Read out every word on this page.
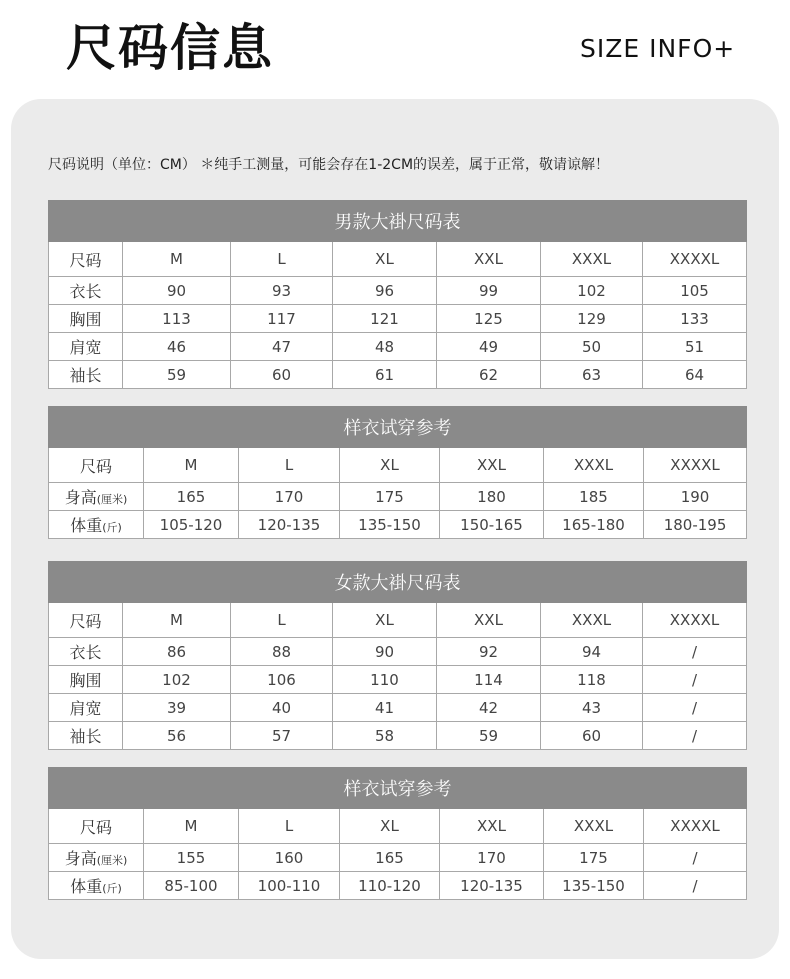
尺码信息	SIZE INFO+
尺码说明（单位：CM） ＊纯手工测量，可能会存在1-2CM的误差，属于正常，敬请谅解！
男款大褂尺码表						
尺码	M	L	XL	XXL	XXXL	XXXXL
衣长	90	93	96	99	102	105
胸围	113	117	121	125	129	133
肩宽	46	47	48	49	50	51
袖长	59	60	61	62	63	64
样衣试穿参考						
尺码	M	L	XL	XXL	XXXL	XXXXL
身高(厘米)	165	170	175	180	185	190
体重(斤)	105-120	120-135	135-150	150-165	165-180	180-195
女款大褂尺码表						
尺码	M	L	XL	XXL	XXXL	XXXXL
衣长	86	88	90	92	94	/
胸围	102	106	110	114	118	/
肩宽	39	40	41	42	43	/
袖长	56	57	58	59	60	/
样衣试穿参考						
尺码	M	L	XL	XXL	XXXL	XXXXL
身高(厘米)	155	160	165	170	175	/
体重(斤)	85-100	100-110	110-120	120-135	135-150	/
